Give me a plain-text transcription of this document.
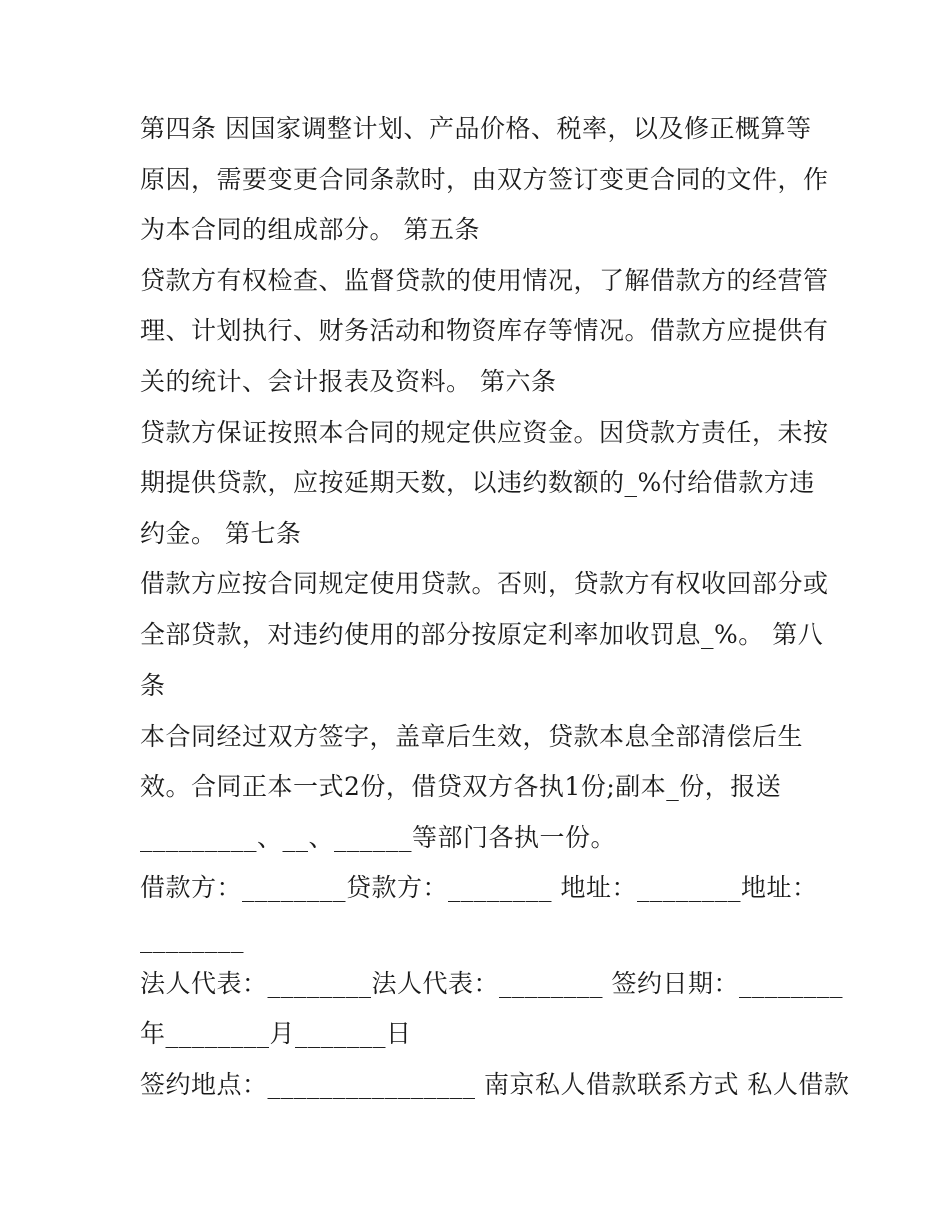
第四条 因国家调整计划、产品价格、税率，以及修正概算等
原因，需要变更合同条款时，由双方签订变更合同的文件，作
为本合同的组成部分。 第五条
贷款方有权检查、监督贷款的使用情况，了解借款方的经营管
理、计划执行、财务活动和物资库存等情况。借款方应提供有
关的统计、会计报表及资料。 第六条
贷款方保证按照本合同的规定供应资金。因贷款方责任，未按
期提供贷款，应按延期天数，以违约数额的_%付给借款方违
约金。 第七条
借款方应按合同规定使用贷款。否则，贷款方有权收回部分或
全部贷款，对违约使用的部分按原定利率加收罚息_%。 第八
条
本合同经过双方签字，盖章后生效，贷款本息全部清偿后生
效。合同正本一式2份，借贷双方各执1份;副本_份，报送
_________、__、______等部门各执一份。
借款方：________贷款方：________ 地址：________地址：
________
法人代表：________法人代表：________ 签约日期：________
年________月_______日
签约地点：________________ 南京私人借款联系方式 私人借款
